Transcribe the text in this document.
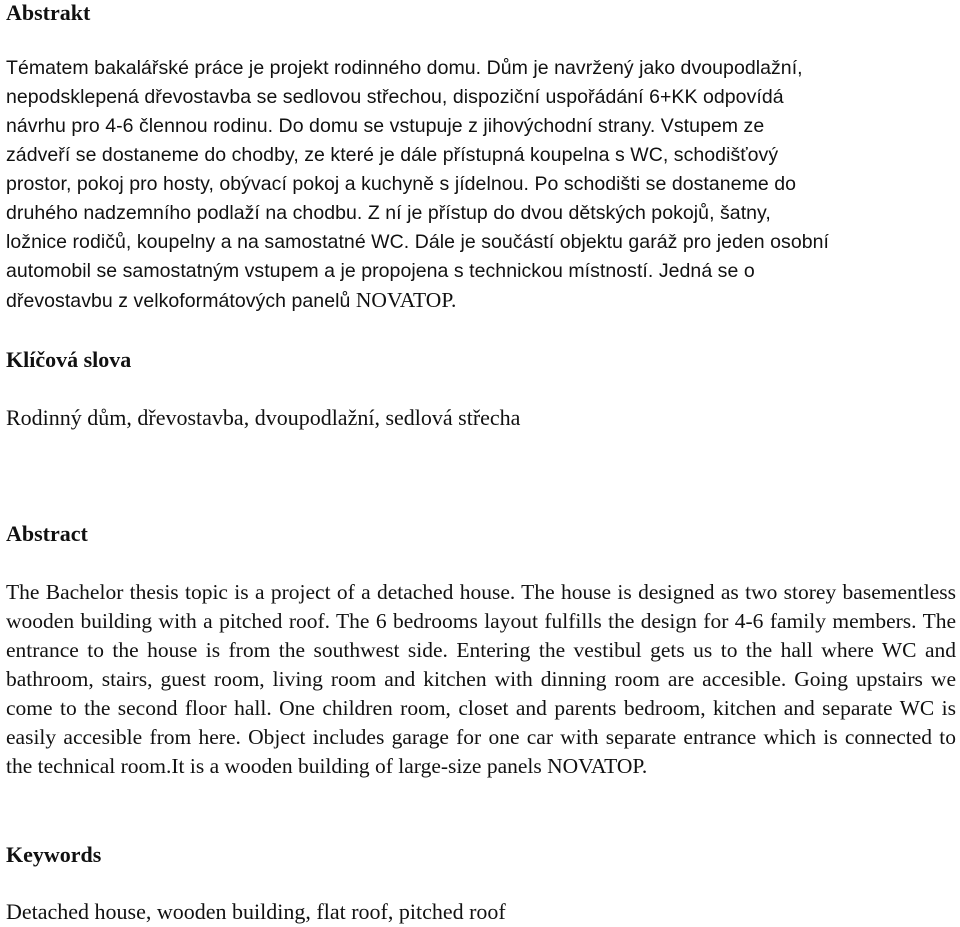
Abstrakt
Tématem bakalářské práce je projekt rodinného domu. Dům je navržený jako dvoupodlažní,
nepodsklepená dřevostavba se sedlovou střechou, dispoziční uspořádání 6+KK odpovídá
návrhu pro 4-6 člennou rodinu. Do domu se vstupuje z jihovýchodní strany. Vstupem ze
zádveří se dostaneme do chodby, ze které je dále přístupná koupelna s WC, schodišťový
prostor, pokoj pro hosty, obývací pokoj a kuchyně s jídelnou. Po schodišti se dostaneme do
druhého nadzemního podlaží na chodbu. Z ní je přístup do dvou dětských pokojů, šatny,
ložnice rodičů, koupelny a na samostatné WC. Dále je součástí objektu garáž pro jeden osobní
automobil se samostatným vstupem a je propojena s technickou místností. Jedná se o
dřevostavbu z velkoformátových panelů NOVATOP.
Klíčová slova

Rodinný dům, dřevostavba, dvoupodlažní, sedlová střecha

Abstract

The Bachelor thesis topic is a project of a detached house. The house is designed as two storey basementless wooden building with a pitched roof. The 6 bedrooms layout fulfills the design for 4-6 family members. The entrance to the house is from the southwest side. Entering the vestibul gets us to the hall where WC and bathroom, stairs, guest room, living room and kitchen with dinning room are accesible. Going upstairs we come to the second floor hall. One children room, closet and parents bedroom, kitchen and separate WC is easily accesible from here. Object includes garage for one car with separate entrance which is connected to the technical room.It is a wooden building of large-size panels NOVATOP.

Keywords

Detached house, wooden building, flat roof, pitched roof
